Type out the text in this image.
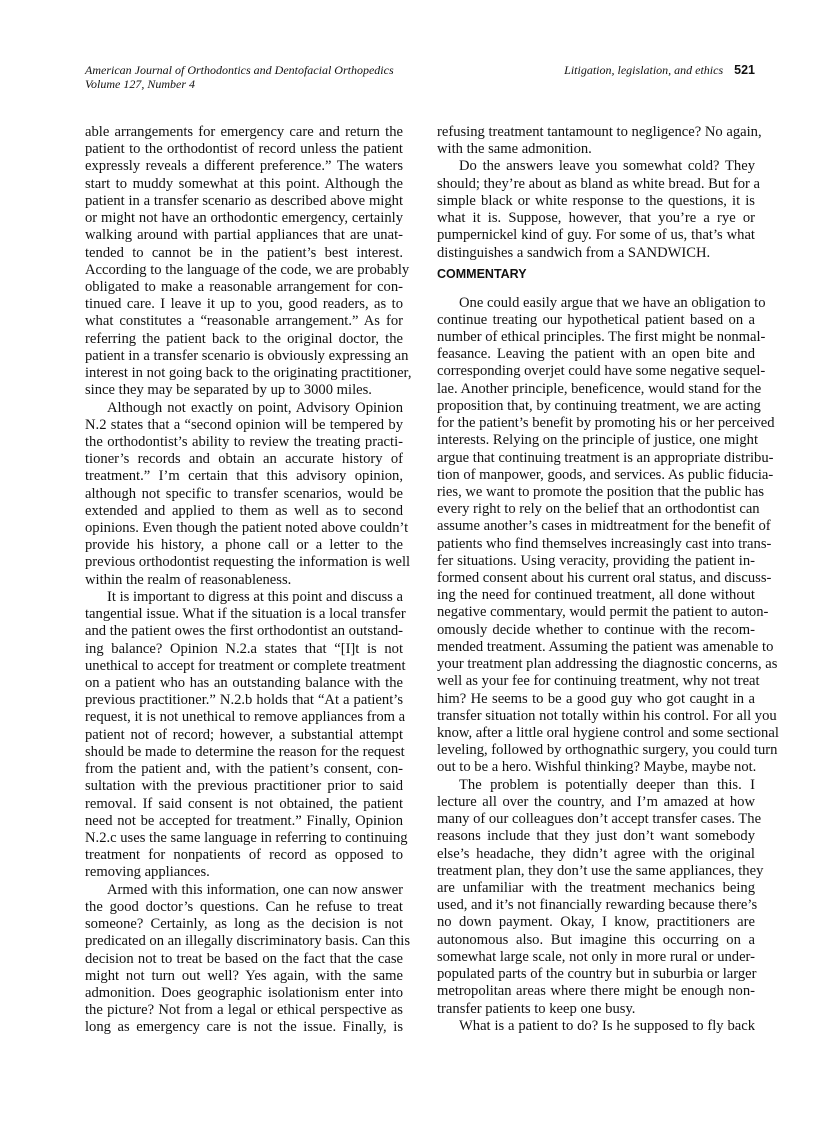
American Journal of Orthodontics and Dentofacial Orthopedics
Volume 127, Number 4
Litigation, legislation, and ethics 521
able arrangements for emergency care and return the
patient to the orthodontist of record unless the patient
expressly reveals a different preference.” The waters
start to muddy somewhat at this point. Although the
patient in a transfer scenario as described above might
or might not have an orthodontic emergency, certainly
walking around with partial appliances that are unat-
tended to cannot be in the patient’s best interest.
According to the language of the code, we are probably
obligated to make a reasonable arrangement for con-
tinued care. I leave it up to you, good readers, as to
what constitutes a “reasonable arrangement.” As for
referring the patient back to the original doctor, the
patient in a transfer scenario is obviously expressing an
interest in not going back to the originating practitioner,
since they may be separated by up to 3000 miles.
Although not exactly on point, Advisory Opinion
N.2 states that a “second opinion will be tempered by
the orthodontist’s ability to review the treating practi-
tioner’s records and obtain an accurate history of
treatment.” I’m certain that this advisory opinion,
although not specific to transfer scenarios, would be
extended and applied to them as well as to second
opinions. Even though the patient noted above couldn’t
provide his history, a phone call or a letter to the
previous orthodontist requesting the information is well
within the realm of reasonableness.
It is important to digress at this point and discuss a
tangential issue. What if the situation is a local transfer
and the patient owes the first orthodontist an outstand-
ing balance? Opinion N.2.a states that “[I]t is not
unethical to accept for treatment or complete treatment
on a patient who has an outstanding balance with the
previous practitioner.” N.2.b holds that “At a patient’s
request, it is not unethical to remove appliances from a
patient not of record; however, a substantial attempt
should be made to determine the reason for the request
from the patient and, with the patient’s consent, con-
sultation with the previous practitioner prior to said
removal. If said consent is not obtained, the patient
need not be accepted for treatment.” Finally, Opinion
N.2.c uses the same language in referring to continuing
treatment for nonpatients of record as opposed to
removing appliances.
Armed with this information, one can now answer
the good doctor’s questions. Can he refuse to treat
someone? Certainly, as long as the decision is not
predicated on an illegally discriminatory basis. Can this
decision not to treat be based on the fact that the case
might not turn out well? Yes again, with the same
admonition. Does geographic isolationism enter into
the picture? Not from a legal or ethical perspective as
long as emergency care is not the issue. Finally, is
refusing treatment tantamount to negligence? No again,
with the same admonition.
Do the answers leave you somewhat cold? They
should; they’re about as bland as white bread. But for a
simple black or white response to the questions, it is
what it is. Suppose, however, that you’re a rye or
pumpernickel kind of guy. For some of us, that’s what
distinguishes a sandwich from a SANDWICH.
COMMENTARY
One could easily argue that we have an obligation to
continue treating our hypothetical patient based on a
number of ethical principles. The first might be nonmal-
feasance. Leaving the patient with an open bite and
corresponding overjet could have some negative sequel-
lae. Another principle, beneficence, would stand for the
proposition that, by continuing treatment, we are acting
for the patient’s benefit by promoting his or her perceived
interests. Relying on the principle of justice, one might
argue that continuing treatment is an appropriate distribu-
tion of manpower, goods, and services. As public fiducia-
ries, we want to promote the position that the public has
every right to rely on the belief that an orthodontist can
assume another’s cases in midtreatment for the benefit of
patients who find themselves increasingly cast into trans-
fer situations. Using veracity, providing the patient in-
formed consent about his current oral status, and discuss-
ing the need for continued treatment, all done without
negative commentary, would permit the patient to auton-
omously decide whether to continue with the recom-
mended treatment. Assuming the patient was amenable to
your treatment plan addressing the diagnostic concerns, as
well as your fee for continuing treatment, why not treat
him? He seems to be a good guy who got caught in a
transfer situation not totally within his control. For all you
know, after a little oral hygiene control and some sectional
leveling, followed by orthognathic surgery, you could turn
out to be a hero. Wishful thinking? Maybe, maybe not.
The problem is potentially deeper than this. I
lecture all over the country, and I’m amazed at how
many of our colleagues don’t accept transfer cases. The
reasons include that they just don’t want somebody
else’s headache, they didn’t agree with the original
treatment plan, they don’t use the same appliances, they
are unfamiliar with the treatment mechanics being
used, and it’s not financially rewarding because there’s
no down payment. Okay, I know, practitioners are
autonomous also. But imagine this occurring on a
somewhat large scale, not only in more rural or under-
populated parts of the country but in suburbia or larger
metropolitan areas where there might be enough non-
transfer patients to keep one busy.
What is a patient to do? Is he supposed to fly back
